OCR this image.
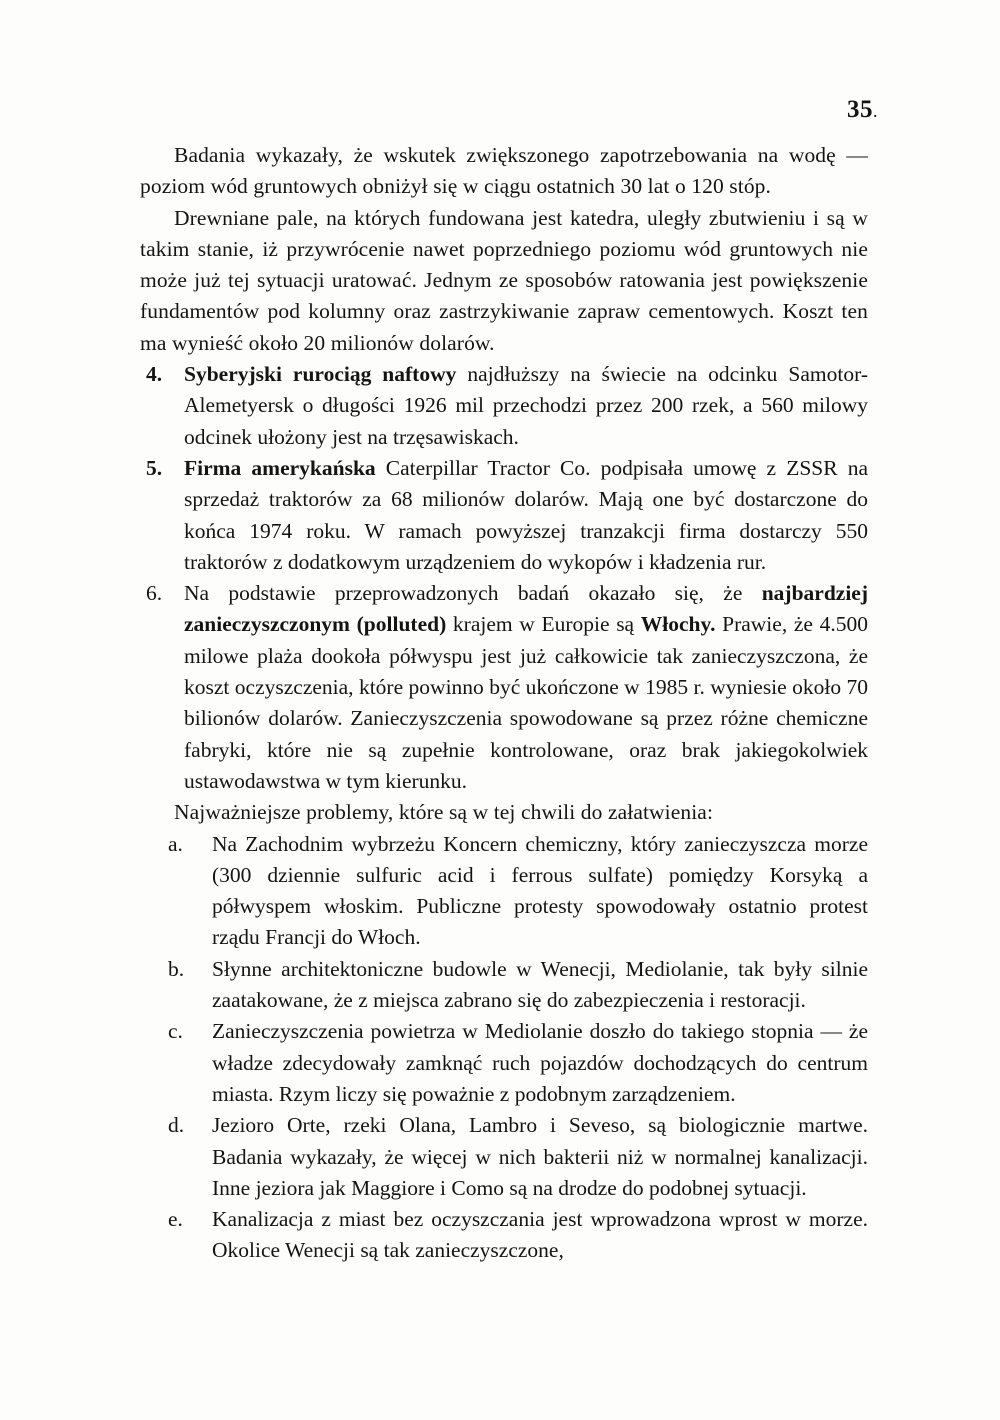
35.

Badania wykazały, że wskutek zwiększonego zapotrzebowania na wodę — poziom wód gruntowych obniżył się w ciągu ostatnich 30 lat o 120 stóp.

Drewniane pale, na których fundowana jest katedra, uległy zbutwieniu i są w takim stanie, iż przywrócenie nawet poprzedniego poziomu wód gruntowych nie może już tej sytuacji uratować. Jednym ze sposobów ratowania jest powiększenie fundamentów pod kolumny oraz zastrzykiwanie zapraw cementowych. Koszt ten ma wynieść około 20 milionów dolarów.

4.	Syberyjski rurociąg naftowy najdłuższy na świecie na odcinku Samotor-Alemetyersk o długości 1926 mil przechodzi przez 200 rzek, a 560 milowy odcinek ułożony jest na trzęsawiskach.
5.	Firma amerykańska Caterpillar Tractor Co. podpisała umowę z ZSSR na sprzedaż traktorów za 68 milionów dolarów. Mają one być dostarczone do końca 1974 roku. W ramach powyższej tranzakcji firma dostarczy 550 traktorów z dodatkowym urządzeniem do wykopów i kładzenia rur.
6.	Na podstawie przeprowadzonych badań okazało się, że najbardziej zanieczyszczonym (polluted) krajem w Europie są Włochy. Prawie, że 4.500 milowe plaża dookoła półwyspu jest już całkowicie tak zanieczyszczona, że koszt oczyszczenia, które powinno być ukończone w 1985 r. wyniesie około 70 bilionów dolarów. Zanieczyszczenia spowodowane są przez różne chemiczne fabryki, które nie są zupełnie kontrolowane, oraz brak jakiegokolwiek ustawodawstwa w tym kierunku.

Najważniejsze problemy, które są w tej chwili do załatwienia:

a.	Na Zachodnim wybrzeżu Koncern chemiczny, który zanieczyszcza morze (300 dziennie sulfuric acid i ferrous sulfate) pomiędzy Korsyką a półwyspem włoskim. Publiczne protesty spowodowały ostatnio protest rządu Francji do Włoch.
b.	Słynne architektoniczne budowle w Wenecji, Mediolanie, tak były silnie zaatakowane, że z miejsca zabrano się do zabezpieczenia i restoracji.
c.	Zanieczyszczenia powietrza w Mediolanie doszło do takiego stopnia — że władze zdecydowały zamknąć ruch pojazdów dochodzących do centrum miasta. Rzym liczy się poważnie z podobnym zarządzeniem.
d.	Jezioro Orte, rzeki Olana, Lambro i Seveso, są biologicznie martwe. Badania wykazały, że więcej w nich bakterii niż w normalnej kanalizacji. Inne jeziora jak Maggiore i Como są na drodze do podobnej sytuacji.
e.	Kanalizacja z miast bez oczyszczania jest wprowadzona wprost w morze. Okolice Wenecji są tak zanieczyszczone,
